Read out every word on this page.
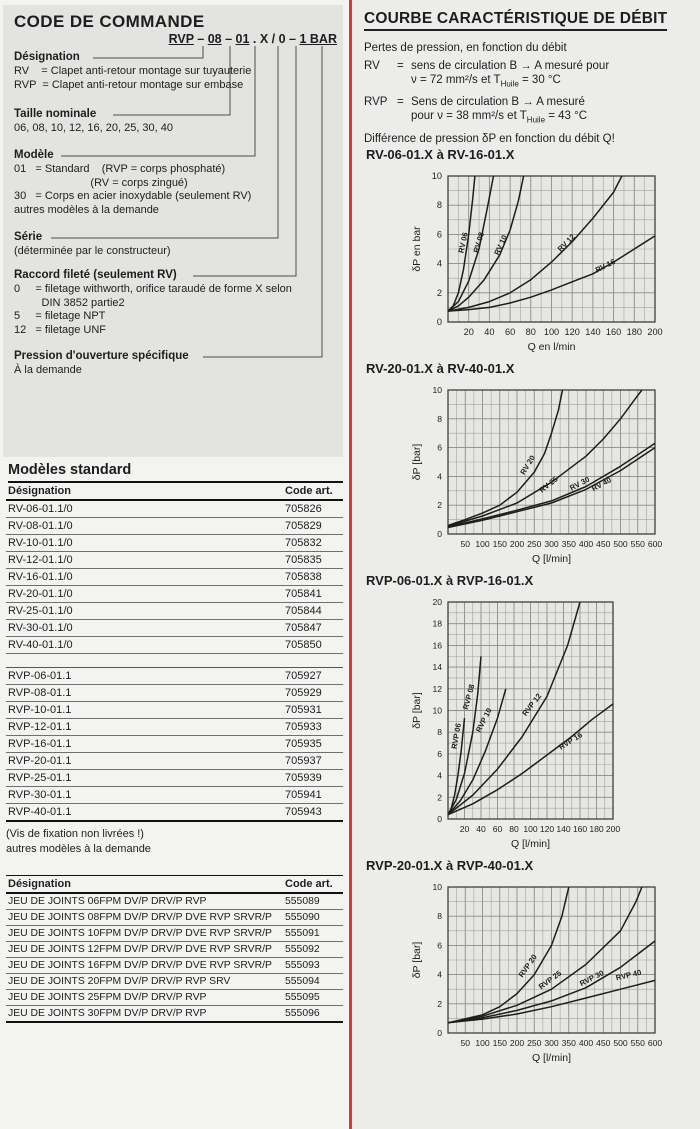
CODE DE COMMANDE
RVP – 08 – 01 . X / 0 – 1 BAR
Désignation
RV    = Clapet anti-retour montage sur tuyauterie
RVP  = Clapet anti-retour montage sur embase
Taille nominale
06, 08, 10, 12, 16, 20, 25, 30, 40
Modèle
01   = Standard    (RVP = corps phosphaté)
(RV = corps zingué)
30   = Corps en acier inoxydable (seulement RV)
autres modèles à la demande
Série
(déterminée par le constructeur)
Raccord fileté (seulement RV)
0     = filetage withworth, orifice taraudé de forme X selon
DIN 3852 partie2
5     = filetage NPT
12   = filetage UNF
Pression d'ouverture spécifique
À la demande
Modèles standard
Désignation	Code art.
RV-06-01.1/0	705826
RV-08-01.1/0	705829
RV-10-01.1/0	705832
RV-12-01.1/0	705835
RV-16-01.1/0	705838
RV-20-01.1/0	705841
RV-25-01.1/0	705844
RV-30-01.1/0	705847
RV-40-01.1/0	705850
RVP-06-01.1	705927
RVP-08-01.1	705929
RVP-10-01.1	705931
RVP-12-01.1	705933
RVP-16-01.1	705935
RVP-20-01.1	705937
RVP-25-01.1	705939
RVP-30-01.1	705941
RVP-40-01.1	705943
(Vis de fixation non livrées !)
autres modèles à la demande
Désignation	Code art.
JEU DE JOINTS 06FPM DV/P DRV/P RVP	555089
JEU DE JOINTS 08FPM DV/P DRV/P DVE RVP SRVR/P	555090
JEU DE JOINTS 10FPM DV/P DRV/P DVE RVP SRVR/P	555091
JEU DE JOINTS 12FPM DV/P DRV/P DVE RVP SRVR/P	555092
JEU DE JOINTS 16FPM DV/P DRV/P DVE RVP SRVR/P	555093
JEU DE JOINTS 20FPM DV/P DRV/P RVP SRV	555094
JEU DE JOINTS 25FPM DV/P DRV/P RVP	555095
JEU DE JOINTS 30FPM DV/P DRV/P RVP	555096
COURBE CARACTÉRISTIQUE DE DÉBIT
Pertes de pression, en fonction du débit
RV	= sens de circulation B → A mesuré pour
ν = 72 mm²/s et $T_{Huile} = 30$ °C
RVP = Sens de circulation B → A mesuré
pour ν = 38 mm²/s et $T_{Huile} = 43$ °C
Différence de pression δP en fonction du débit Q!
RV-06-01.X à RV-16-01.X
0
2
4
6
8
10
20 40 60 80 100 120 140 160 180 200
Q en l/min
δP en bar	RV 06 RV 08 RV 10	RV 12
RV 16
RV-20-01.X à RV-40-01.X
0
2
4
6
8
10
50 100 150 200 250 300 350 400 450 500 550 600
Q [l/min]
δP [bar]	RV 20
RV 25 RV 30 RV 40
RVP-06-01.X à RVP-16-01.X
0
2
4
6
8
10
12
14
16
18
20
20 40 60 80 100 120 140 160 180 200
Q [l/min]
δP [bar]
RVP 06
RVP 08
RVP 10
RVP 12
RVP 16
RVP-20-01.X à RVP-40-01.X
0
2
4
6
8
10
50 100 150 200 250 300 350 400 450 500 550 600
Q [l/min]
δP [bar]	RVP 20
RVP 25 RVP 30 RVP 40
